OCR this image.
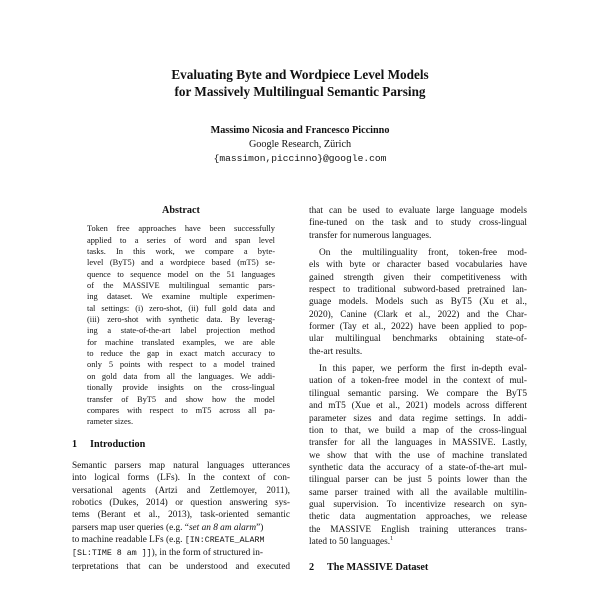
Evaluating Byte and Wordpiece Level Models
for Massively Multilingual Semantic Parsing
Massimo Nicosia and Francesco Piccinno
Google Research, Zürich
{massimon,piccinno}@google.com
Abstract
Token free approaches have been successfully
applied to a series of word and span level
tasks. In this work, we compare a byte-
level (ByT5) and a wordpiece based (mT5) se-
quence to sequence model on the 51 languages
of the MASSIVE multilingual semantic pars-
ing dataset. We examine multiple experimen-
tal settings: (i) zero-shot, (ii) full gold data and
(iii) zero-shot with synthetic data. By leverag-
ing a state-of-the-art label projection method
for machine translated examples, we are able
to reduce the gap in exact match accuracy to
only 5 points with respect to a model trained
on gold data from all the languages. We addi-
tionally provide insights on the cross-lingual
transfer of ByT5 and show how the model
compares with respect to mT5 across all pa-
rameter sizes.
1 Introduction
Semantic parsers map natural languages utterances
into logical forms (LFs). In the context of con-
versational agents (Artzi and Zettlemoyer, 2011),
robotics (Dukes, 2014) or question answering sys-
tems (Berant et al., 2013), task-oriented semantic
parsers map user queries (e.g. “set an 8 am alarm”)
to machine readable LFs (e.g. [IN:CREATE_ALARM
[SL:TIME 8 am ]]), in the form of structured in-
terpretations that can be understood and executed
that can be used to evaluate large language models
fine-tuned on the task and to study cross-lingual
transfer for numerous languages.
On the multilinguality front, token-free mod-
els with byte or character based vocabularies have
gained strength given their competitiveness with
respect to traditional subword-based pretrained lan-
guage models. Models such as ByT5 (Xu et al.,
2020), Canine (Clark et al., 2022) and the Char-
former (Tay et al., 2022) have been applied to pop-
ular multilingual benchmarks obtaining state-of-
the-art results.
In this paper, we perform the first in-depth eval-
uation of a token-free model in the context of mul-
tilingual semantic parsing. We compare the ByT5
and mT5 (Xue et al., 2021) models across different
parameter sizes and data regime settings. In addi-
tion to that, we build a map of the cross-lingual
transfer for all the languages in MASSIVE. Lastly,
we show that with the use of machine translated
synthetic data the accuracy of a state-of-the-art mul-
tilingual parser can be just 5 points lower than the
same parser trained with all the available multilin-
gual supervision. To incentivize research on syn-
thetic data augmentation approaches, we release
the MASSIVE English training utterances trans-
lated to 50 languages.$^1$
2 The MASSIVE Dataset
